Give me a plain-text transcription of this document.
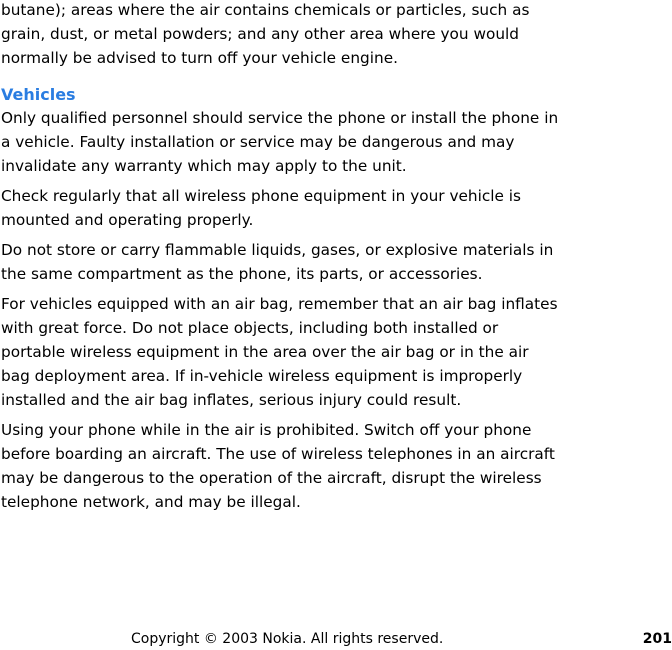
butane); areas where the air contains chemicals or particles, such as grain, dust, or metal powders; and any other area where you would normally be advised to turn off your vehicle engine.

Vehicles

Only qualified personnel should service the phone or install the phone in a vehicle. Faulty installation or service may be dangerous and may invalidate any warranty which may apply to the unit.

Check regularly that all wireless phone equipment in your vehicle is mounted and operating properly.

Do not store or carry flammable liquids, gases, or explosive materials in the same compartment as the phone, its parts, or accessories.

For vehicles equipped with an air bag, remember that an air bag inflates with great force. Do not place objects, including both installed or portable wireless equipment in the area over the air bag or in the air bag deployment area. If in-vehicle wireless equipment is improperly installed and the air bag inflates, serious injury could result.

Using your phone while in the air is prohibited. Switch off your phone before boarding an aircraft. The use of wireless telephones in an aircraft may be dangerous to the operation of the aircraft, disrupt the wireless telephone network, and may be illegal.

Copyright © 2003 Nokia. All rights reserved.	201
